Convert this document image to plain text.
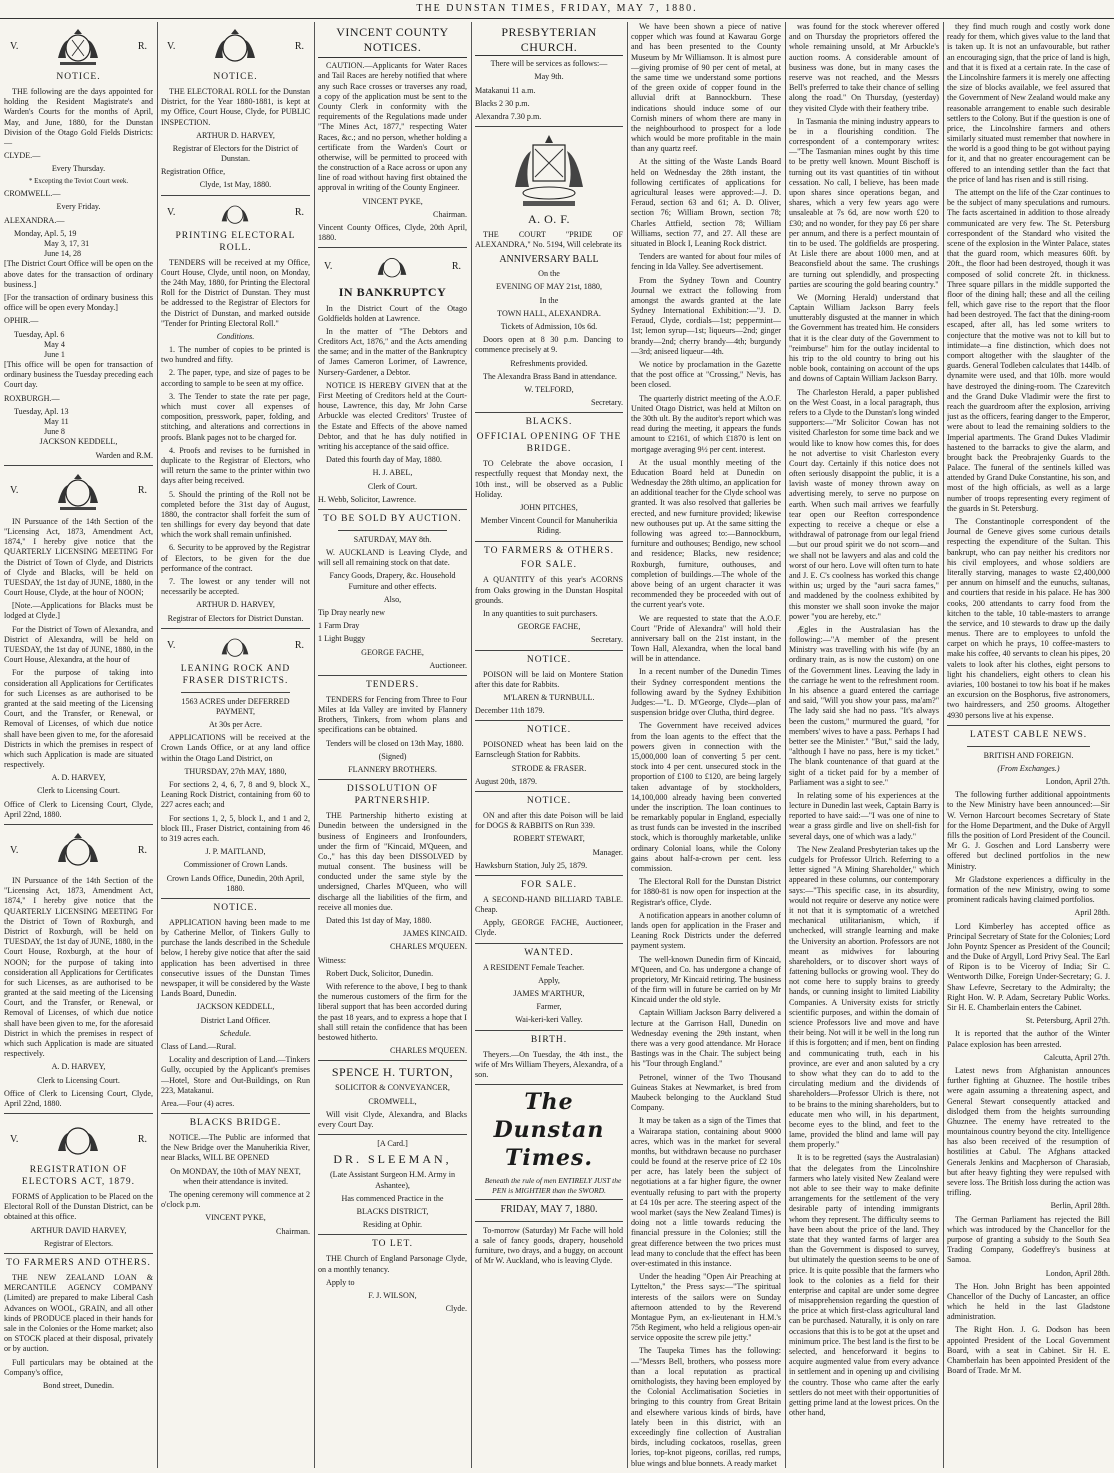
THE DUNSTAN TIMES, FRIDAY, MAY 7, 1880.
V.	R.
NOTICE.

THE following are the days appointed for holding the Resident Magistrate's and Warden's Courts for the months of April, May, and June, 1880, for the Dunstan Division of the Otago Gold Fields Districts:—

CLYDE.—

Every Thursday.

* Excepting the Teviot Court week.

CROMWELL.—

Every Friday.

ALEXANDRA.—

Monday, Apl. 5, 19
May 3, 17, 31
June 14, 28

[The District Court Office will be open on the above dates for the transaction of ordinary business.]

[For the transaction of ordinary business this office will be open every Monday.]

OPHIR.—

Tuesday, Apl. 6
May 4
June 1

[This office will be open for transaction of ordinary business the Tuesday preceding each Court day.

ROXBURGH.—

Tuesday, Apl. 13
May 11
June 8

JACKSON KEDDELL,

Warden and R.M.

V.	R.

IN Pursuance of the 14th Section of the "Licensing Act, 1873, Amendment Act, 1874," I hereby give notice that the QUARTERLY LICENSING MEETING For the District of Town of Clyde, and Districts of Clyde and Blacks, will be held on TUESDAY, the 1st day of JUNE, 1880, in the Court House, Clyde, at the hour of NOON;

[Note.—Applications for Blacks must be lodged at Clyde.]

For the District of Town of Alexandra, and District of Alexandra, will be held on TUESDAY, the 1st day of JUNE, 1880, in the Court House, Alexandra, at the hour of

For the purpose of taking into consideration all Applications for Certificates for such Licenses as are authorised to be granted at the said meeting of the Licensing Court, and the Transfer, or Renewal, or Removal of Licenses, of which due notice shall have been given to me, for the aforesaid Districts in which the premises in respect of which such Application is made are situated respectively.

A. D. HARVEY,

Clerk to Licensing Court.

Office of Clerk to Licensing Court, Clyde, April 22nd, 1880.

V.	R.

IN Pursuance of the 14th Section of the "Licensing Act, 1873, Amendment Act, 1874," I hereby give notice that the QUARTERLY LICENSING MEETING For the District of Town of Roxburgh, and District of Roxburgh, will be held on TUESDAY, the 1st day of JUNE, 1880, in the Court House, Roxburgh, at the hour of NOON; for the purpose of taking into consideration all Applications for Certificates for such Licenses, as are authorised to be granted at the said meeting of the Licensing Court, and the Transfer, or Renewal, or Removal of Licenses, of which due notice shall have been given to me, for the aforesaid District in which the premises in respect of which such Application is made are situated respectively.

A. D. HARVEY,

Clerk to Licensing Court.

Office of Clerk to Licensing Court, Clyde, April 22nd, 1880.

V.	R.
REGISTRATION OF ELECTORS ACT, 1879.

FORMS of Application to be Placed on the Electoral Roll of the Dunstan District, can be obtained at this office.

ARTHUR DAVID HARVEY,

Registrar of Electors.

TO FARMERS AND OTHERS.

THE NEW ZEALAND LOAN & MERCANTILE AGENCY COMPANY (Limited) are prepared to make Liberal Cash Advances on WOOL, GRAIN, and all other kinds of PRODUCE placed in their hands for sale in the Colonies or the Home market; also on STOCK placed at their disposal, privately or by auction.

Full particulars may be obtained at the Company's office,

Bond street, Dunedin.

V.	R.
NOTICE.

THE ELECTORAL ROLL for the Dunstan District, for the Year 1880-1881, is kept at my Office, Court House, Clyde, for PUBLIC INSPECTION.

ARTHUR D. HARVEY,

Registrar of Electors for the District of Dunstan.

Registration Office,

Clyde, 1st May, 1880.

V.	R.
PRINTING ELECTORAL ROLL.

TENDERS will be received at my Office, Court House, Clyde, until noon, on Monday, the 24th May, 1880, for Printing the Electoral Roll for the District of Dunstan. They must be addressed to the Registrar of Electors for the District of Dunstan, and marked outside "Tender for Printing Electoral Roll."

Conditions.

1. The number of copies to be printed is two hundred and fifty.

2. The paper, type, and size of pages to be according to sample to be seen at my office.

3. The Tender to state the rate per page, which must cover all expenses of composition, presswork, paper, folding, and stitching, and alterations and corrections in proofs. Blank pages not to be charged for.

4. Proofs and revises to be furnished in duplicate to the Registrar of Electors, who will return the same to the printer within two days after being received.

5. Should the printing of the Roll not be completed before the 31st day of August, 1880, the contractor shall forfeit the sum of ten shillings for every day beyond that date which the work shall remain unfinished.

6. Security to be approved by the Registrar of Electors, to be given for the due performance of the contract.

7. The lowest or any tender will not necessarily be accepted.

ARTHUR D. HARVEY,

Registrar of Electors for District Dunstan.

V.	R.
LEANING ROCK AND FRASER DISTRICTS.

1563 ACRES under DEFERRED PAYMENT,

At 30s per Acre.

APPLICATIONS will be received at the Crown Lands Office, or at any land office within the Otago Land District, on

THURSDAY, 27th MAY, 1880,

For sections 2, 4, 6, 7, 8 and 9, block X., Leaning Rock District, containing from 60 to 227 acres each; and

For sections 1, 2, 5, block I., and 1 and 2, block III., Fraser District, containing from 46 to 319 acres each.

J. P. MAITLAND,

Commissioner of Crown Lands.

Crown Lands Office, Dunedin, 20th April, 1880.

NOTICE.

APPLICATION having been made to me by Catherine Mellor, of Tinkers Gully to purchase the lands described in the Schedule below, I hereby give notice that after the said application has been advertised in three consecutive issues of the Dunstan Times newspaper, it will be considered by the Waste Lands Board, Dunedin.

JACKSON KEDDELL,

District Land Officer.

Schedule.

Class of Land.—Rural.

Locality and description of Land.—Tinkers Gully, occupied by the Applicant's premises—Hotel, Store and Out-Buildings, on Run 223, Matakanui.

Area.—Four (4) acres.

BLACKS BRIDGE.

NOTICE.—The Public are informed that the New Bridge over the Manuherikia River, near Blacks, WILL BE OPENED

On MONDAY, the 10th of MAY NEXT, when their attendance is invited.

The opening ceremony will commence at 2 o'clock p.m.

VINCENT PYKE,

Chairman.

VINCENT COUNTY NOTICES.

CAUTION.—Applicants for Water Races and Tail Races are hereby notified that where any such Race crosses or traverses any road, a copy of the application must be sent to the County Clerk in conformity with the requirements of the Regulations made under "The Mines Act, 1877," respecting Water Races, &c.; and no person, whether holding a certificate from the Warden's Court or otherwise, will be permitted to proceed with the construction of a Race across or upon any line of road without having first obtained the approval in writing of the County Engineer.

VINCENT PYKE,

Chairman.

Vincent County Offices, Clyde, 20th April, 1880.

V.	R.
IN BANKRUPTCY

In the District Court of the Otago Goldfields holden at Lawrence.

In the matter of "The Debtors and Creditors Act, 1876," and the Acts amending the same; and in the matter of the Bankruptcy of James Cameron Lorimer, of Lawrence, Nursery-Gardener, a Debtor.

NOTICE IS HEREBY GIVEN that at the First Meeting of Creditors held at the Court-house, Lawrence, this day, Mr John Carse Arbuckle was elected Creditors' Trustee of the Estate and Effects of the above named Debtor, and that he has duly notified in writing his acceptance of the said office.

Dated this fourth day of May, 1880.

H. J. ABEL,

Clerk of Court.

H. Webb, Solicitor, Lawrence.

TO BE SOLD BY AUCTION.

SATURDAY, MAY 8th.

W. AUCKLAND is Leaving Clyde, and will sell all remaining stock on that date.

Fancy Goods, Drapery, &c. Household Furniture and other effects.

Also,

Tip Dray nearly new

1 Farm Dray

1 Light Buggy

GEORGE FACHE,

Auctioneer.

TENDERS.

TENDERS for Fencing from Three to Four Miles at Ida Valley are invited by Flannery Brothers, Tinkers, from whom plans and specifications can be obtained.

Tenders will be closed on 13th May, 1880.

(Signed)

FLANNERY BROTHERS.

DISSOLUTION OF PARTNERSHIP.

THE Partnership hitherto existing at Dunedin between the undersigned in the business of Engineers and Ironfounders, under the firm of "Kincaid, M'Queen, and Co.," has this day been DISSOLVED by mutual consent. The business will be conducted under the same style by the undersigned, Charles M'Queen, who will discharge all the liabilities of the firm, and receive all monies due.

Dated this 1st day of May, 1880.

JAMES KINCAID.

CHARLES M'QUEEN.

Witness:

Robert Duck, Solicitor, Dunedin.

With reference to the above, I beg to thank the numerous customers of the firm for the liberal support that has been accorded during the past 18 years, and to express a hope that I shall still retain the confidence that has been bestowed hitherto.

CHARLES M'QUEEN.

SPENCE H. TURTON,

SOLICITOR & CONVEYANCER,

CROMWELL,

Will visit Clyde, Alexandra, and Blacks every Court Day.

[A Card.]

DR. SLEEMAN,

(Late Assistant Surgeon H.M. Army in Ashantee),

Has commenced Practice in the

BLACKS DISTRICT,

Residing at Ophir.

TO LET.

THE Church of England Parsonage Clyde, on a monthly tenancy.

Apply to

F. J. WILSON,

Clyde.

PRESBYTERIAN CHURCH.

There will be services as follows:—

May 9th.

Matakanui 11 a.m.

Blacks 2 30 p.m.

Alexandra 7.30 p.m.

A. O. F.

THE COURT "PRIDE OF ALEXANDRA," No. 5194, Will celebrate its

ANNIVERSARY BALL

On the

EVENING OF MAY 21st, 1880,

In the

TOWN HALL, ALEXANDRA.

Tickets of Admission, 10s 6d.

Doors open at 8 30 p.m. Dancing to commence precisely at 9.

Refreshments provided.

The Alexandra Brass Band in attendance.

W. TELFORD,

Secretary.

BLACKS.
OFFICIAL OPENING OF THE BRIDGE.

TO Celebrate the above occasion, I respectfully request that Monday next, the 10th inst., will be observed as a Public Holiday.

JOHN PITCHES,

Member Vincent Council for Manuherikia Riding.

TO FARMERS & OTHERS.
FOR SALE.

A QUANTITY of this year's ACORNS from Oaks growing in the Dunstan Hospital grounds.

In any quantities to suit purchasers.

GEORGE FACHE,

Secretary.

NOTICE.

POISON will be laid on Montere Station after this date for Rabbits.

M'LAREN & TURNBULL.

December 11th 1879.

NOTICE.

POISONED wheat has been laid on the Earnscleugh Station for Rabbits.

STRODE & FRASER.

August 20th, 1879.

NOTICE.

ON and after this date Poison will be laid for DOGS & RABBITS on Run 339.

ROBERT STEWART,

Manager.

Hawksburn Station, July 25, 1879.

FOR SALE.

A SECOND-HAND BILLIARD TABLE. Cheap.

Apply, GEORGE FACHE, Auctioneer, Clyde.

WANTED.

A RESIDENT Female Teacher.

Apply,

JAMES M'ARTHUR,

Farmer,

Wai-keri-keri Valley.

BIRTH.

Theyers.—On Tuesday, the 4th inst., the wife of Mrs William Theyers, Alexandra, of a son.

The Dunstan Times.

Beneath the rule of men ENTIRELY JUST the PEN is MIGHTIER than the SWORD.

FRIDAY, MAY 7, 1880.

To-morrow (Saturday) Mr Fache will hold a sale of fancy goods, drapery, household furniture, two drays, and a buggy, on account of Mr W. Auckland, who is leaving Clyde.

We have been shown a piece of native copper which was found at Kawarau Gorge and has been presented to the County Museum by Mr Williamson. It is almost pure—giving promise of 90 per cent of metal, at the same time we understand some portions of the green oxide of copper found in the alluvial drift at Bannockburn. These indications should induce some of our Cornish miners of whom there are many in the neighbourhood to prospect for a lode which would be more profitable in the main than any quartz reef.

At the sitting of the Waste Lands Board held on Wednesday the 28th instant, the following certificates of applications for agricultural leases were approved:—J. D. Feraud, section 63 and 61; A. D. Oliver, section 76; William Brown, section 78; Charles Attfield, section 78; William Williams, section 77, and 27. All these are situated in Block I, Leaning Rock district.

Tenders are wanted for about four miles of fencing in Ida Valley. See advertisement.

From the Sydney Town and Country Journal we extract the following from amongst the awards granted at the late Sydney International Exhibition:—"J. D. Feraud, Clyde, cordials—1st; peppermint—1st; lemon syrup—1st; liqueurs—2nd; ginger brandy—2nd; cherry brandy—4th; burgundy—3rd; aniseed liqueur—4th.

We notice by proclamation in the Gazette that the post office at "Crossing," Nevis, has been closed.

The quarterly district meeting of the A.O.F. United Otago District, was held at Milton on the 30th ult. By the auditor's report which was read during the meeting, it appears the funds amount to £2161, of which £1870 is lent on mortgage averaging 9½ per cent. interest.

At the usual monthly meeting of the Education Board held at Dunedin on Wednesday the 28th ultimo, an application for an additional teacher for the Clyde school was granted. It was also resolved that galleries be erected, and new furniture provided; likewise new outhouses put up. At the same sitting the following was agreed to:—Bannockburn, furniture and outhouses; Bendigo, new school and residence; Blacks, new residence; Roxburgh, furniture, outhouses, and completion of buildings.—The whole of the above being of an urgent character it was recommended they be proceeded with out of the current year's vote.

We are requested to state that the A.O.F. Court "Pride of Alexandra" will hold their anniversary ball on the 21st instant, in the Town Hall, Alexandra, when the local band will be in attendance.

In a recent number of the Dunedin Times their Sydney correspondent mentions the following award by the Sydney Exhibition Judges:—"L. D. M'George, Clyde—plan of suspension bridge over Clutha, third degree.

The Government have received advices from the loan agents to the effect that the powers given in connection with the 15,000,000 loan of converting 5 per cent. stock into 4 per cent. unsecured stock in the proportion of £100 to £120, are being largely taken advantage of by stockholders, 14,100,000 already having been converted under the inscription. The loan continues to be remarkably popular in England, especially as trust funds can be invested in the inscribed stock, which is thoroughly marketable, unlike ordinary Colonial loans, while the Colony gains about half-a-crown per cent. less commission.

The Electoral Roll for the Dunstan District for 1880-81 is now open for inspection at the Registrar's office, Clyde.

A notification appears in another column of lands open for application in the Fraser and Leaning Rock Districts under the deferred payment system.

The well-known Dunedin firm of Kincaid, M'Queen, and Co. has undergone a change of proprietory, Mr Kincaid retiring. The business of the firm will in future be carried on by Mr Kincaid under the old style.

Captain William Jackson Barry delivered a lecture at the Garrison Hall, Dunedin on Wednesday evening the 29th instant, when there was a very good attendance. Mr Horace Bastings was in the Chair. The subject being his "Tour through England."

Petronel, winner of the Two Thousand Guineas Stakes at Newmarket, is bred from Maubeck belonging to the Auckland Stud Company.

It may be taken as a sign of the Times that a Wairarapa station, containing about 9000 acres, which was in the market for several months, but withdrawn because no purchaser could be found at the reserve price of £2 10s per acre, has lately been the subject of negotiations at a far higher figure, the owner eventually refusing to part with the property at £4 10s per acre. The steering aspect of the wool market (says the New Zealand Times) is doing not a little towards reducing the financial pressure in the Colonies; still the great difference between the two prices must lead many to conclude that the effect has been over-estimated in this instance.

Under the heading "Open Air Preaching at Lyttelton," the Press says:—"The spiritual interests of the sailors were on Sunday afternoon attended to by the Reverend Montague Pym, an ex-lieutenant in H.M.'s 75th Regiment, who held a religious open-air service opposite the screw pile jetty."

The Taupeka Times has the following:—"Messrs Bell, brothers, who possess more than a local reputation as practical ornithologists, they having been employed by the Colonial Acclimatisation Societies in bringing to this country from Great Britain and elsewhere various kinds of birds, have lately been in this district, with an exceedingly fine collection of Australian birds, including cockatoos, rosellas, green lories, top-knot pigeons, corillas, red rumps, blue wings and blue bonnets. A ready market

was found for the stock wherever offered and on Thursday the proprietors offered the whole remaining unsold, at Mr Arbuckle's auction rooms. A considerable amount of business was done, but in many cases the reserve was not reached, and the Messrs Bell's preferred to take their chance of selling along the road." On Thursday, (yesterday) they visited Clyde with their feathery tribe.

In Tasmania the mining industry appears to be in a flourishing condition. The correspondent of a contemporary writes:—"The Tasmanian mines ought by this time to be pretty well known. Mount Bischoff is turning out its vast quantities of tin without cessation. No call, I believe, has been made upon shares since operations began, and shares, which a very few years ago were unsaleable at 7s 6d, are now worth £20 to £30; and no wonder, for they pay £6 per share per annum, and there is a perfect mountain of tin to be used. The goldfields are prospering. At Lisle there are about 1000 men, and at Beaconsfield about the same. The crushings are turning out splendidly, and prospecting parties are scouring the gold bearing country."

We (Morning Herald) understand that Captain William Jackson Barry feels unutterably disgusted at the manner in which the Government has treated him. He considers that it is the clear duty of the Government to "reimburse" him for the outlay incidental to his trip to the old country to bring out his noble book, containing on account of the ups and downs of Captain William Jackson Barry.

The Charleston Herald, a paper published on the West Coast, in a local paragraph, thus refers to a Clyde to the Dunstan's long winded supporters:—"Mr Solicitor Cowan has not visited Charleston for some time back and we would like to know how comes this, for does he not advertise to visit Charleston every Court day. Certainly if this notice does not often seriously disappoint the public, it is a lavish waste of money thrown away on advertising merely, to serve no purpose on earth. When such mail arrives we fearfully tear open our Reefton correspondence expecting to receive a cheque or else a withdrawal of patronage from our legal friend—but our proud spirit we do not scorn—and we shall not be lawyers and alas and cold the worst of our hero. Love will often turn to hate and J. E. C's coolness has worked this change within us; urged by the "auri sacra fames," and maddened by the coolness exhibited by this monster we shall soon invoke the major power "you are hereby, etc."

Ægles in the Australasian has the following:—"A member of the present Ministry was travelling with his wife (by an ordinary train, as is now the custom) on one of the Government lines. Leaving the lady in the carriage he went to the refreshment room. In his absence a guard entered the carriage and said, "Will you show your pass, ma'am?" The lady said she had no pass. "It's always been the custom," murmured the guard, "for members' wives to have a pass. Perhaps I had better see the Minister." "But," said the lady, "although I have no pass, here is my ticket." The blank countenance of that guard at the sight of a ticket paid for by a member of Parliament was a sight to see."

In relating some of his experiences at the lecture in Dunedin last week, Captain Barry is reported to have said:—"I was one of nine to wear a grass girdle and live on shell-fish for several days, one of which was a lady."

The New Zealand Presbyterian takes up the cudgels for Professor Ulrich. Referring to a letter signed "A Mining Shareholder," which appeared in these columns, our contemporary says:—"This specific case, in its absurdity, would not require or deserve any notice were it not that it is symptomatic of a wretched mechanical utilitarianism, which, if unchecked, will strangle learning and make the University an abortion. Professors are not meant as midwives for labouring shareholders, or to discover short ways of fattening bullocks or growing wool. They do not come here to supply brains to greedy hands, or cunning insight to limited Liability Companies. A University exists for strictly scientific purposes, and within the domain of science Professors live and move and have their being. Not will it be well in the long run if this is forgotten; and if men, bent on finding and communicating truth, each in his province, are ever and anon saluted by a cry to show what they can do to add to the circulating medium and the dividends of shareholders—Professor Ulrich is there, not to be brains to the mining shareholders, but to educate men who will, in his department, become eyes to the blind, and feet to the lame, provided the blind and lame will pay them properly."

It is to be regretted (says the Australasian) that the delegates from the Lincolnshire farmers who lately visited New Zealand were not able to see their way to make definite arrangements for the settlement of the very desirable party of intending immigrants whom they represent. The difficulty seems to have been about the price of the land. They state that they wanted farms of larger area than the Government is disposed to survey, but ultimately the question seems to be one of price. It is quite possible that the farmers who look to the colonies as a field for their enterprise and capital are under some degree of misapprehension regarding the question of the price at which first-class agricultural land can be purchased. Naturally, it is only on rare occasions that this is to be got at the upset and minimum price. The best land is the first to be selected, and henceforward it begins to acquire augmented value from every advance in settlement and in opening up and civilising the country. Those who came after the early settlers do not meet with their opportunities of getting prime land at the lowest prices. On the other hand,

they find much rough and costly work done ready for them, which gives value to the land that is taken up. It is not an unfavourable, but rather an encouraging sign, that the price of land is high, and that it is fixed at a certain rate. In the case of the Lincolnshire farmers it is merely one affecting the size of blocks available, we feel assured that the Government of New Zealand would make any reasonable arrangement to enable such desirable settlers to the Colony. But if the question is one of price, the Lincolnshire farmers and others similarly situated must remember that nowhere in the world is a good thing to be got without paying for it, and that no greater encouragement can be offered to an intending settler than the fact that the price of land has risen and is still rising.

The attempt on the life of the Czar continues to be the subject of many speculations and rumours. The facts ascertained in addition to those already communicated are very few. The St. Petersburg correspondent of the Standard who visited the scene of the explosion in the Winter Palace, states that the guard room, which measures 60ft. by 20ft., the floor had been destroyed, though it was composed of solid concrete 2ft. in thickness. Three square pillars in the middle supported the floor of the dining hall; these and all the ceiling fell, which gave rise to the report that the floor had been destroyed. The fact that the dining-room escaped, after all, has led some writers to conjecture that the motive was not to kill but to intimidate—a fine distinction, which does not comport altogether with the slaughter of the guards. General Todleben calculates that 144lb. of dynamite were used, and that 10lb. more would have destroyed the dining-room. The Czarevitch and the Grand Duke Vladimir were the first to reach the guardroom after the explosion, arriving just as the officers, fearing danger to the Emperor, were about to lead the remaining soldiers to the Imperial apartments. The Grand Dukes Vladimir hastened to the barracks to give the alarm, and brought back the Preobrajenky Guards to the Palace. The funeral of the sentinels killed was attended by Grand Duke Constantine, his son, and most of the high officials, as well as a large number of troops representing every regiment of the guards in St. Petersburg.

The Constantinople correspondent of the Journal de Geneve gives some curious details respecting the expenditure of the Sultan. This bankrupt, who can pay neither his creditors nor his civil employees, and whose soldiers are literally starving, manages to waste £2,400,000 per annum on himself and the eunuchs, sultanas, and courtiers that reside in his palace. He has 300 cooks, 200 attendants to carry food from the kitchen to the table, 10 table-masters to arrange the service, and 10 stewards to draw up the daily menus. There are to employees to unfold the carpet on which he prays, 10 coffee-masters to make his coffee, 40 servants to clean his pipes, 20 valets to look after his clothes, eight persons to light his chandeliers, eight others to clean his aviaries, 100 bostanei to tow his boat if he makes an excursion on the Bosphorus, five astronomers, two hairdressers, and 250 grooms. Altogether 4930 persons live at his expense.

LATEST CABLE NEWS.

BRITISH AND FOREIGN.

(From Exchanges.)

London, April 27th.

The following further additional appointments to the New Ministry have been announced:—Sir W. Vernon Harcourt becomes Secretary of State for the Home Department, and the Duke of Argyll fills the position of Lord President of the Council. Mr G. J. Goschen and Lord Lansberry were offered but declined portfolios in the new Ministry.

Mr Gladstone experiences a difficulty in the formation of the new Ministry, owing to some prominent radicals having claimed portfolios.

April 28th.

Lord Kimberley has accepted office as Principal Secretary of State for the Colonies; Lord John Poyntz Spencer as President of the Council; and the Duke of Argyll, Lord Privy Seal. The Earl of Ripon is to be Viceroy of India; Sir C. Wentworth Dilke, Foreign Under-Secretary; G. J. Shaw Lefevre, Secretary to the Admiralty; the Right Hon. W. P. Adam, Secretary Public Works. Sir H. E. Chamberlain enters the Cabinet.

St. Petersburg, April 27th.

It is reported that the author of the Winter Palace explosion has been arrested.

Calcutta, April 27th.

Latest news from Afghanistan announces further fighting at Ghuznee. The hostile tribes were again assuming a threatening aspect, and General Stewart consequently attacked and dislodged them from the heights surrounding Ghuznee. The enemy have retreated to the mountainous country beyond the city. Intelligence has also been received of the resumption of hostilities at Cabul. The Afghans attacked Generals Jenkins and Macpherson of Charasiab, but after heavy fighting they were repulsed with severe loss. The British loss during the action was trifling.

Berlin, April 28th.

The German Parliament has rejected the Bill which was introduced by the Chancellor for the purpose of granting a subsidy to the South Sea Trading Company, Godeffrey's business at Samoa.

London, April 28th.

The Hon. John Bright has been appointed Chancellor of the Duchy of Lancaster, an office which he held in the last Gladstone administration.

The Right Hon. J. G. Dodson has been appointed President of the Local Government Board, with a seat in Cabinet. Sir H. E. Chamberlain has been appointed President of the Board of Trade. Mr M.
